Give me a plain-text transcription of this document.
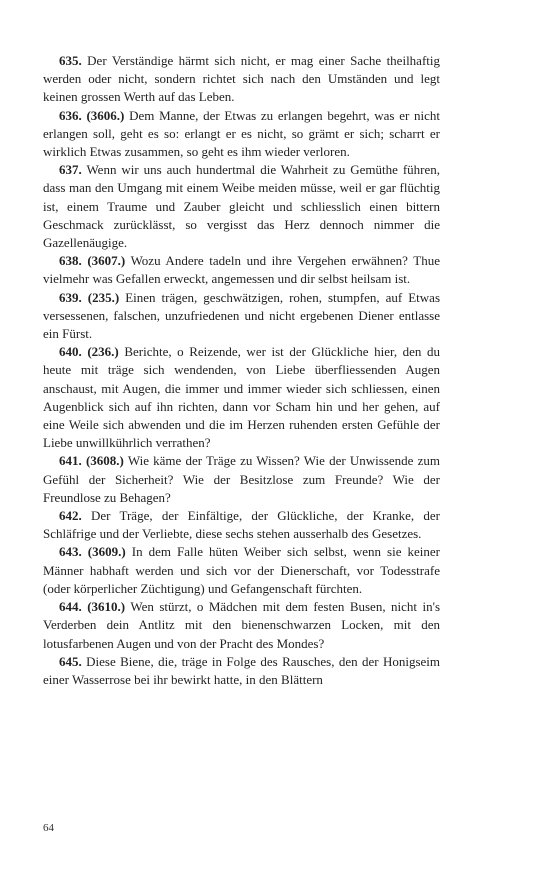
635. Der Verständige härmt sich nicht, er mag einer Sache theilhaftig werden oder nicht, sondern richtet sich nach den Umständen und legt keinen grossen Werth auf das Leben.

636. (3606.) Dem Manne, der Etwas zu erlangen begehrt, was er nicht erlangen soll, geht es so: erlangt er es nicht, so grämt er sich; scharrt er wirklich Etwas zusammen, so geht es ihm wieder verloren.

637. Wenn wir uns auch hundertmal die Wahrheit zu Gemüthe führen, dass man den Umgang mit einem Weibe meiden müsse, weil er gar flüchtig ist, einem Traume und Zauber gleicht und schliesslich einen bittern Geschmack zurücklässt, so vergisst das Herz dennoch nimmer die Gazellenäugige.

638. (3607.) Wozu Andere tadeln und ihre Vergehen erwähnen? Thue vielmehr was Gefallen erweckt, angemessen und dir selbst heilsam ist.

639. (235.) Einen trägen, geschwätzigen, rohen, stumpfen, auf Etwas versessenen, falschen, unzufriedenen und nicht ergebenen Diener entlasse ein Fürst.

640. (236.) Berichte, o Reizende, wer ist der Glückliche hier, den du heute mit träge sich wendenden, von Liebe überfliessenden Augen anschaust, mit Augen, die immer und immer wieder sich schliessen, einen Augenblick sich auf ihn richten, dann vor Scham hin und her gehen, auf eine Weile sich abwenden und die im Herzen ruhenden ersten Gefühle der Liebe unwillkührlich verrathen?

641. (3608.) Wie käme der Träge zu Wissen? Wie der Unwissende zum Gefühl der Sicherheit? Wie der Besitzlose zum Freunde? Wie der Freundlose zu Behagen?

642. Der Träge, der Einfältige, der Glückliche, der Kranke, der Schläfrige und der Verliebte, diese sechs stehen ausserhalb des Gesetzes.

643. (3609.) In dem Falle hüten Weiber sich selbst, wenn sie keiner Männer habhaft werden und sich vor der Dienerschaft, vor Todesstrafe (oder körperlicher Züchtigung) und Gefangenschaft fürchten.

644. (3610.) Wen stürzt, o Mädchen mit dem festen Busen, nicht in's Verderben dein Antlitz mit den bienenschwarzen Locken, mit den lotusfarbenen Augen und von der Pracht des Mondes?

645. Diese Biene, die, träge in Folge des Rausches, den der Honigseim einer Wasserrose bei ihr bewirkt hatte, in den Blättern

64
